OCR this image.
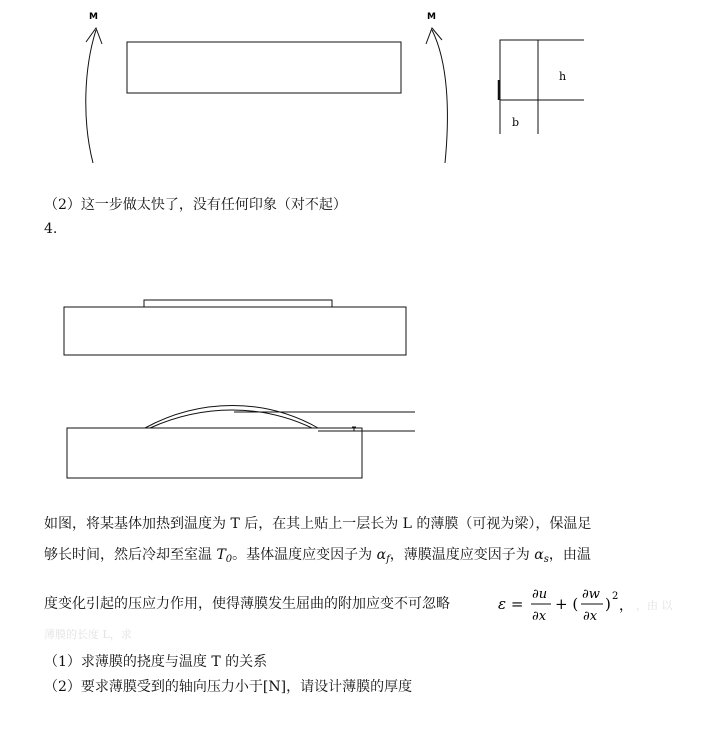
M	M
h
b
（2）这一步做太快了，没有任何印象（对不起）
4.
如图，将某基体加热到温度为 T 后，在其上贴上一层长为 L 的薄膜（可视为梁），保温足
够长时间，然后冷却至室温 $T_0$。基体温度应变因子为 $\alpha_f$，薄膜温度应变因子为 $\alpha_s$，由温
度变化引起的压应力作用，使得薄膜发生屈曲的附加应变不可忽略	ε =
∂u
∂x
+ (
∂w
∂x
) 2
， ，由 以
薄膜的长度 L，求
（1）求薄膜的挠度与温度 T 的关系
（2）要求薄膜受到的轴向压力小于[N]，请设计薄膜的厚度
